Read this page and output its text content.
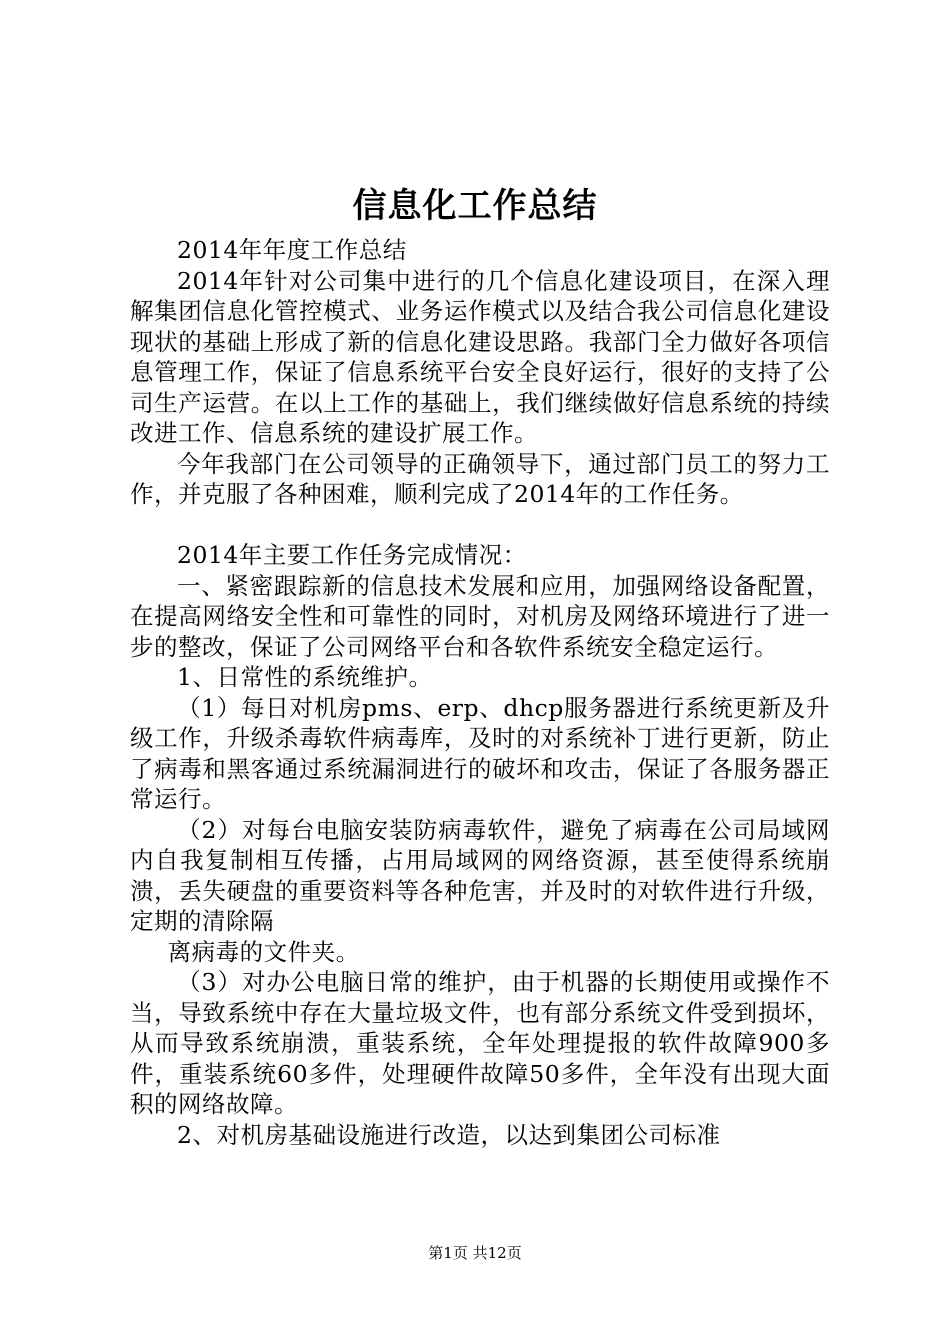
信息化工作总结

2014年年度工作总结

2014年针对公司集中进行的几个信息化建设项目，在深入理解集团信息化管控模式、业务运作模式以及结合我公司信息化建设现状的基础上形成了新的信息化建设思路。我部门全力做好各项信息管理工作，保证了信息系统平台安全良好运行，很好的支持了公司生产运营。在以上工作的基础上，我们继续做好信息系统的持续改进工作、信息系统的建设扩展工作。

今年我部门在公司领导的正确领导下，通过部门员工的努力工作，并克服了各种困难，顺利完成了2014年的工作任务。

2014年主要工作任务完成情况：

一、紧密跟踪新的信息技术发展和应用，加强网络设备配置，在提高网络安全性和可靠性的同时，对机房及网络环境进行了进一步的整改，保证了公司网络平台和各软件系统安全稳定运行。

1、日常性的系统维护。

（1）每日对机房pms、erp、dhcp服务器进行系统更新及升级工作，升级杀毒软件病毒库，及时的对系统补丁进行更新，防止了病毒和黑客通过系统漏洞进行的破坏和攻击，保证了各服务器正常运行。

（2）对每台电脑安装防病毒软件，避免了病毒在公司局域网内自我复制相互传播，占用局域网的网络资源，甚至使得系统崩溃，丢失硬盘的重要资料等各种危害，并及时的对软件进行升级，定期的清除隔

离病毒的文件夹。

（3）对办公电脑日常的维护，由于机器的长期使用或操作不当，导致系统中存在大量垃圾文件，也有部分系统文件受到损坏，从而导致系统崩溃，重装系统，全年处理提报的软件故障900多件，重装系统60多件，处理硬件故障50多件，全年没有出现大面积的网络故障。

2、对机房基础设施进行改造，以达到集团公司标准

第1页 共12页
